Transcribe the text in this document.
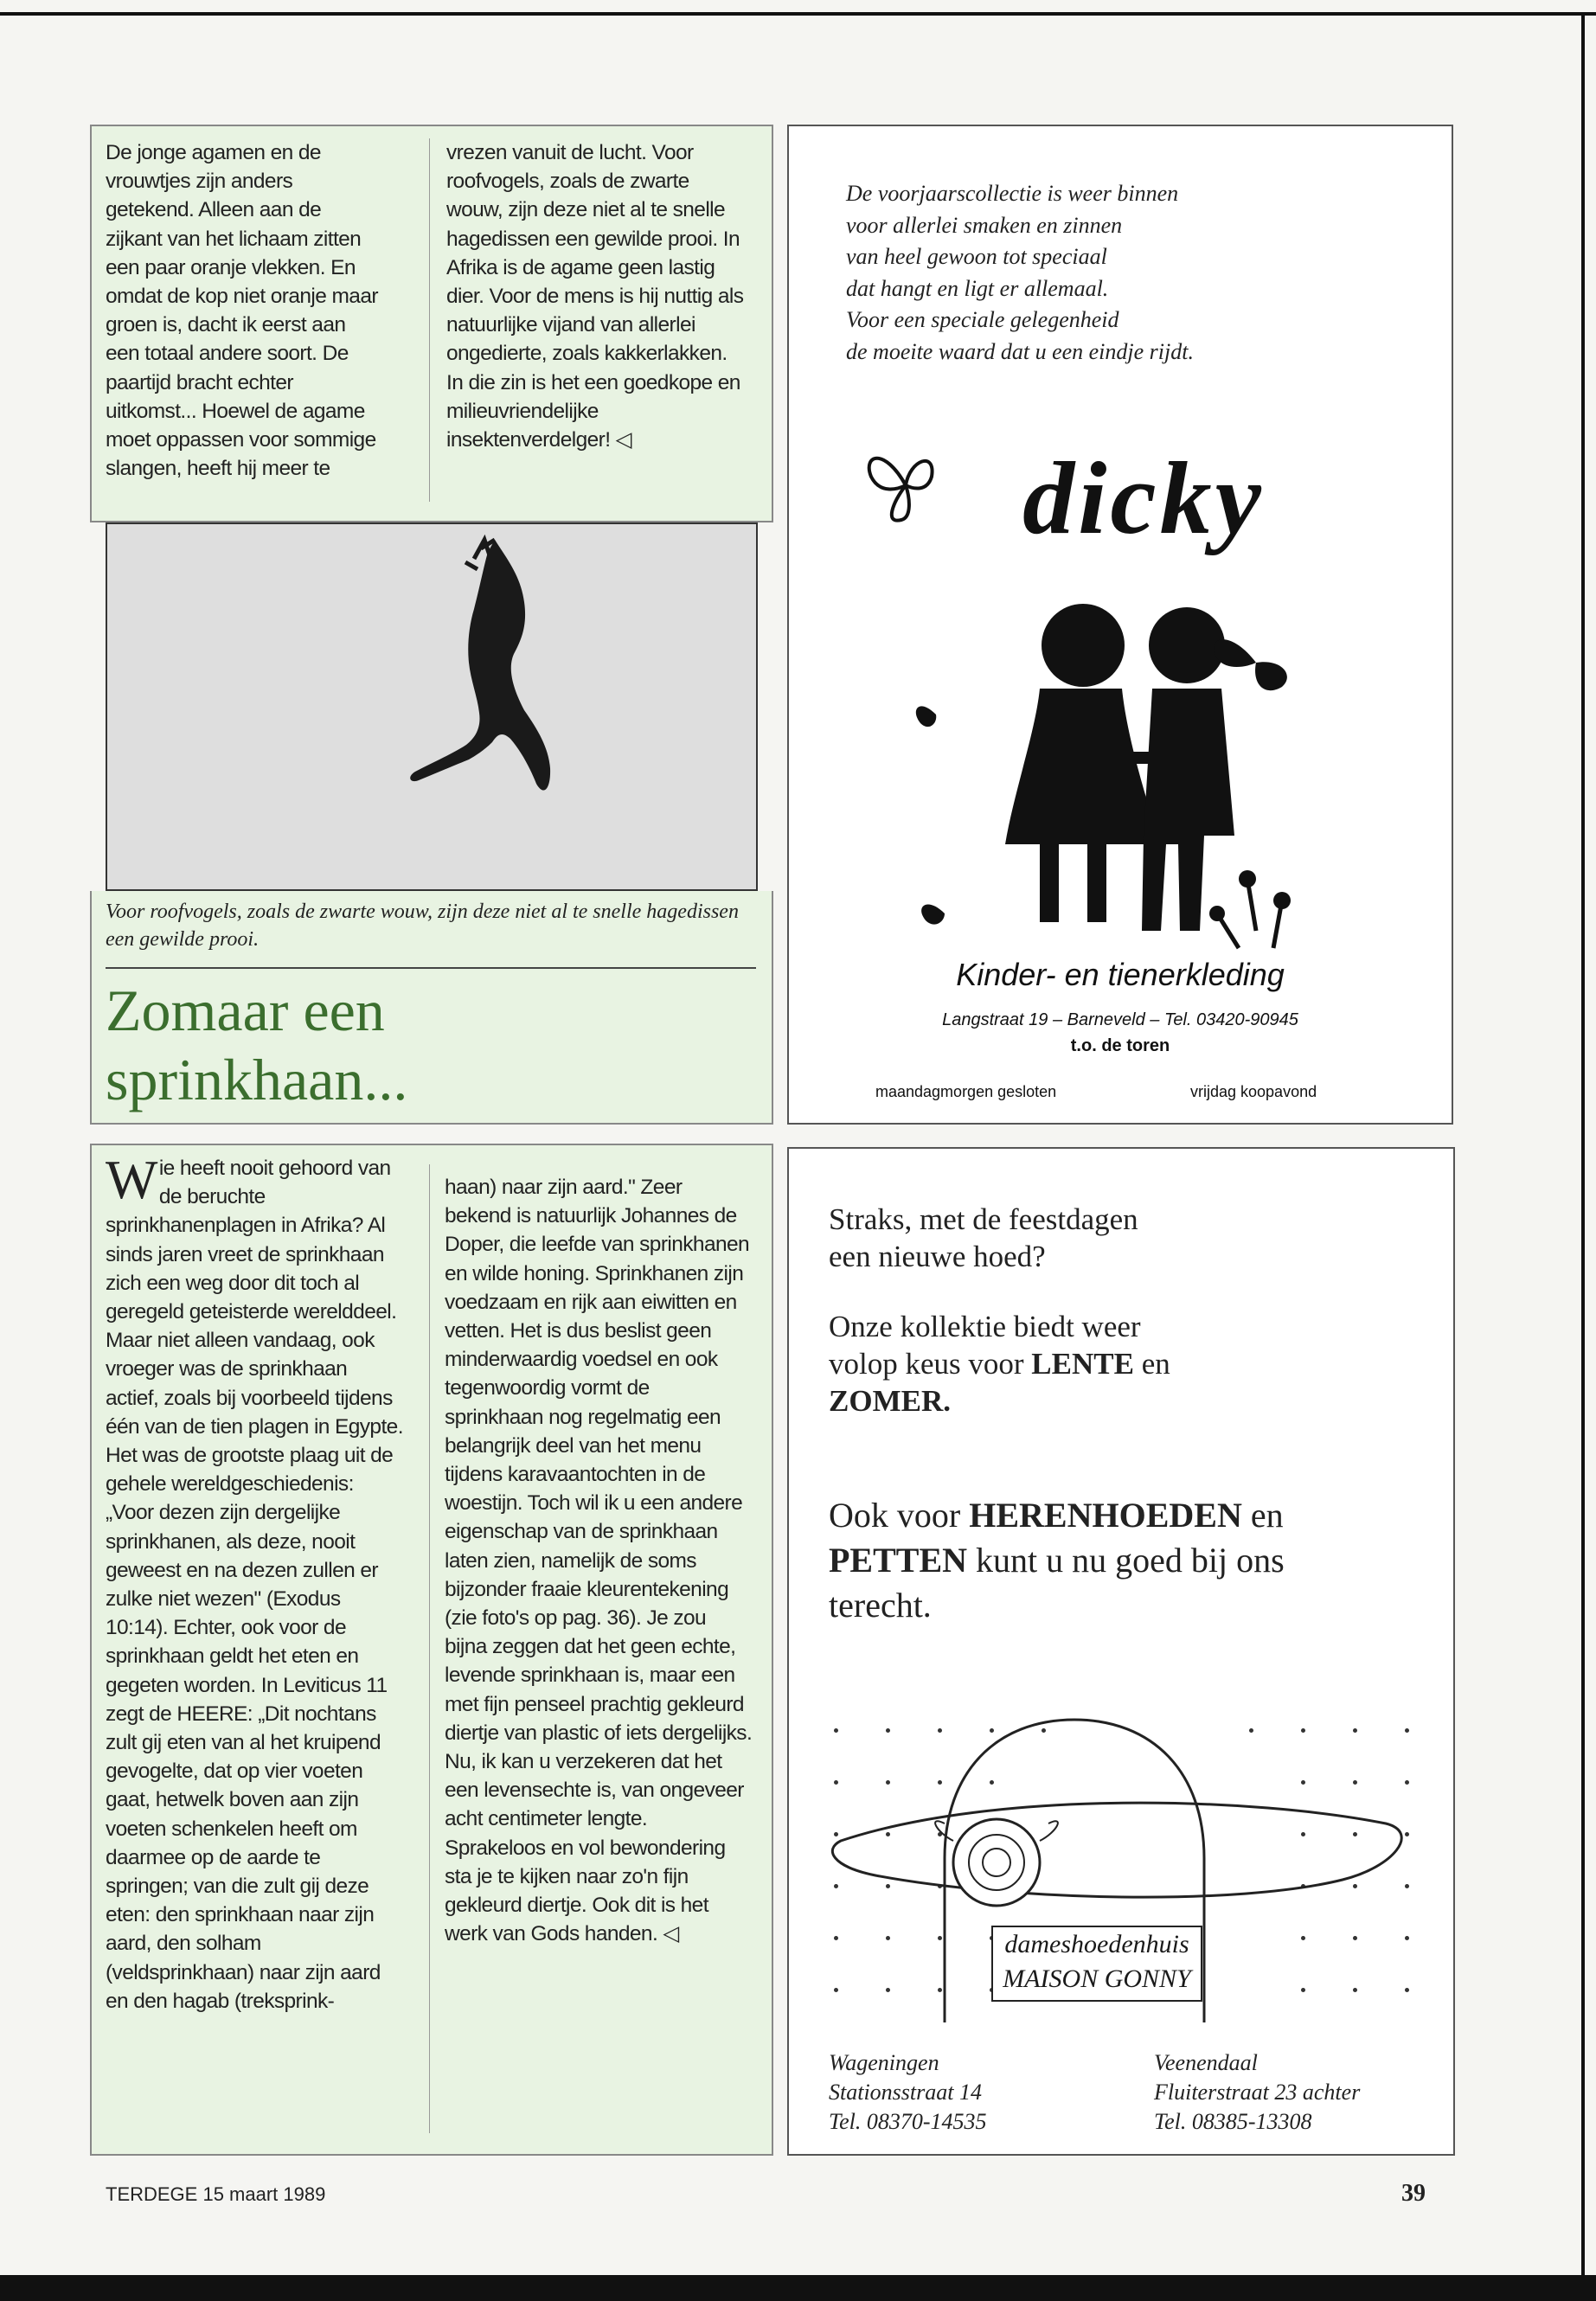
De jonge agamen en de vrouwtjes zijn anders getekend. Alleen aan de zijkant van het lichaam zitten een paar oranje vlekken. En omdat de kop niet oranje maar groen is, dacht ik eerst aan een totaal andere soort. De paartijd bracht echter uitkomst... Hoewel de agame moet oppassen voor sommige slangen, heeft hij meer te

vrezen vanuit de lucht. Voor roofvogels, zoals de zwarte wouw, zijn deze niet al te snelle hagedissen een gewilde prooi. In Afrika is de agame geen lastig dier. Voor de mens is hij nuttig als natuurlijke vijand van allerlei ongedierte, zoals kakkerlakken. In die zin is het een goedkope en milieuvriendelijke insektenverdelger! ◁

Voor roofvogels, zoals de zwarte wouw, zijn deze niet al te snelle hagedissen een gewilde prooi.
Zomaar een sprinkhaan...
W ie heeft nooit gehoord van de beruchte sprinkhanenplagen in Afrika? Al sinds jaren vreet de sprinkhaan zich een weg door dit toch al geregeld geteisterde werelddeel. Maar niet alleen vandaag, ook vroeger was de sprinkhaan actief, zoals bij voorbeeld tijdens één van de tien plagen in Egypte. Het was de grootste plaag uit de gehele wereldgeschiedenis: „Voor dezen zijn dergelijke sprinkhanen, als deze, nooit geweest en na dezen zullen er zulke niet wezen" (Exodus 10:14). Echter, ook voor de sprinkhaan geldt het eten en gegeten worden. In Leviticus 11 zegt de HEERE: „Dit nochtans zult gij eten van al het kruipend gevogelte, dat op vier voeten gaat, hetwelk boven aan zijn voeten schenkelen heeft om daarmee op de aarde te springen; van die zult gij deze eten: den sprinkhaan naar zijn aard, den solham (veldsprinkhaan) naar zijn aard en den hagab (treksprink-

haan) naar zijn aard." Zeer bekend is natuurlijk Johannes de Doper, die leefde van sprinkhanen en wilde honing. Sprinkhanen zijn voedzaam en rijk aan eiwitten en vetten. Het is dus beslist geen minderwaardig voedsel en ook tegenwoordig vormt de sprinkhaan nog regelmatig een belangrijk deel van het menu tijdens karavaantochten in de woestijn. Toch wil ik u een andere eigenschap van de sprinkhaan laten zien, namelijk de soms bijzonder fraaie kleurentekening (zie foto's op pag. 36). Je zou bijna zeggen dat het geen echte, levende sprinkhaan is, maar een met fijn penseel prachtig gekleurd diertje van plastic of iets dergelijks. Nu, ik kan u verzekeren dat het een levensechte is, van ongeveer acht centimeter lengte. Sprakeloos en vol bewondering sta je te kijken naar zo'n fijn gekleurd diertje. Ook dit is het werk van Gods handen. ◁

De voorjaarscollectie is weer binnen
voor allerlei smaken en zinnen
van heel gewoon tot speciaal
dat hangt en ligt er allemaal.
Voor een speciale gelegenheid
de moeite waard dat u een eindje rijdt.
dicky
Kinder- en tienerkleding
Langstraat 19 – Barneveld – Tel. 03420-90945
t.o. de toren
maandagmorgen gesloten	vrijdag koopavond
Straks, met de feestdagen
een nieuwe hoed?
Onze kollektie biedt weer
volop keus voor LENTE en
ZOMER.
Ook voor HERENHOEDEN en
PETTEN kunt u nu goed bij ons
terecht.
dameshoedenhuis
MAISON GONNY
Wageningen
Stationsstraat 14
Tel. 08370-14535
Veenendaal
Fluiterstraat 23 achter
Tel. 08385-13308
TERDEGE 15 maart 1989	39
